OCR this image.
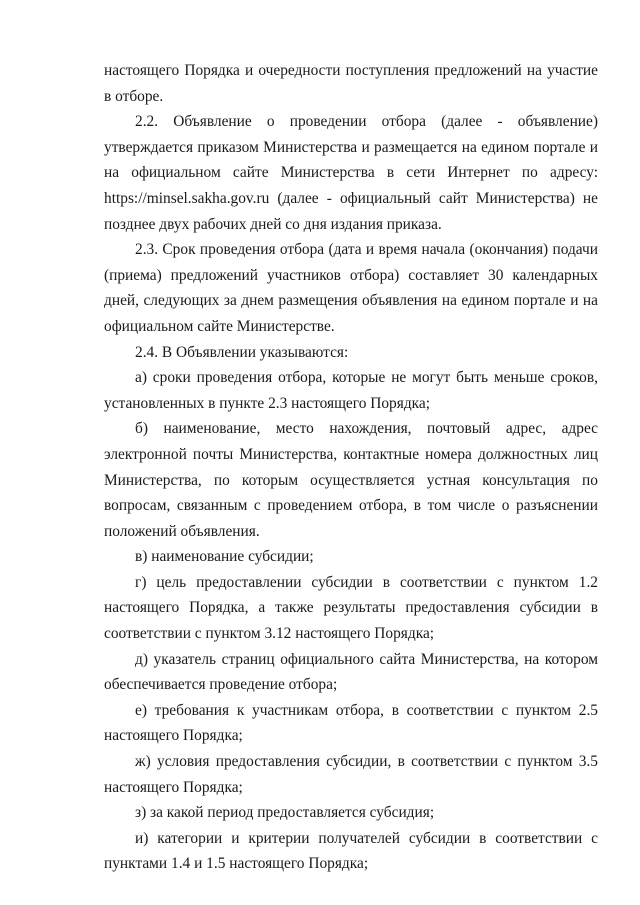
настоящего Порядка и очередности поступления предложений на участие в отборе.

2.2. Объявление о проведении отбора (далее - объявление) утверждается приказом Министерства и размещается на едином портале и на официальном сайте Министерства в сети Интернет по адресу: https://minsel.sakha.gov.ru (далее - официальный сайт Министерства) не позднее двух рабочих дней со дня издания приказа.

2.3. Срок проведения отбора (дата и время начала (окончания) подачи (приема) предложений участников отбора) составляет 30 календарных дней, следующих за днем размещения объявления на едином портале и на официальном сайте Министерстве.

2.4. В Объявлении указываются:

а) сроки проведения отбора, которые не могут быть меньше сроков, установленных в пункте 2.3 настоящего Порядка;

б) наименование, место нахождения, почтовый адрес, адрес электронной почты Министерства, контактные номера должностных лиц Министерства, по которым осуществляется устная консультация по вопросам, связанным с проведением отбора, в том числе о разъяснении положений объявления.

в) наименование субсидии;

г) цель предоставлении субсидии в соответствии с пунктом 1.2 настоящего Порядка, а также результаты предоставления субсидии в соответствии с пунктом 3.12 настоящего Порядка;

д) указатель страниц официального сайта Министерства, на котором обеспечивается проведение отбора;

е) требования к участникам отбора, в соответствии с пунктом 2.5 настоящего Порядка;

ж) условия предоставления субсидии, в соответствии с пунктом 3.5 настоящего Порядка;

з) за какой период предоставляется субсидия;

и) категории и критерии получателей субсидии в соответствии с пунктами 1.4 и 1.5 настоящего Порядка;
